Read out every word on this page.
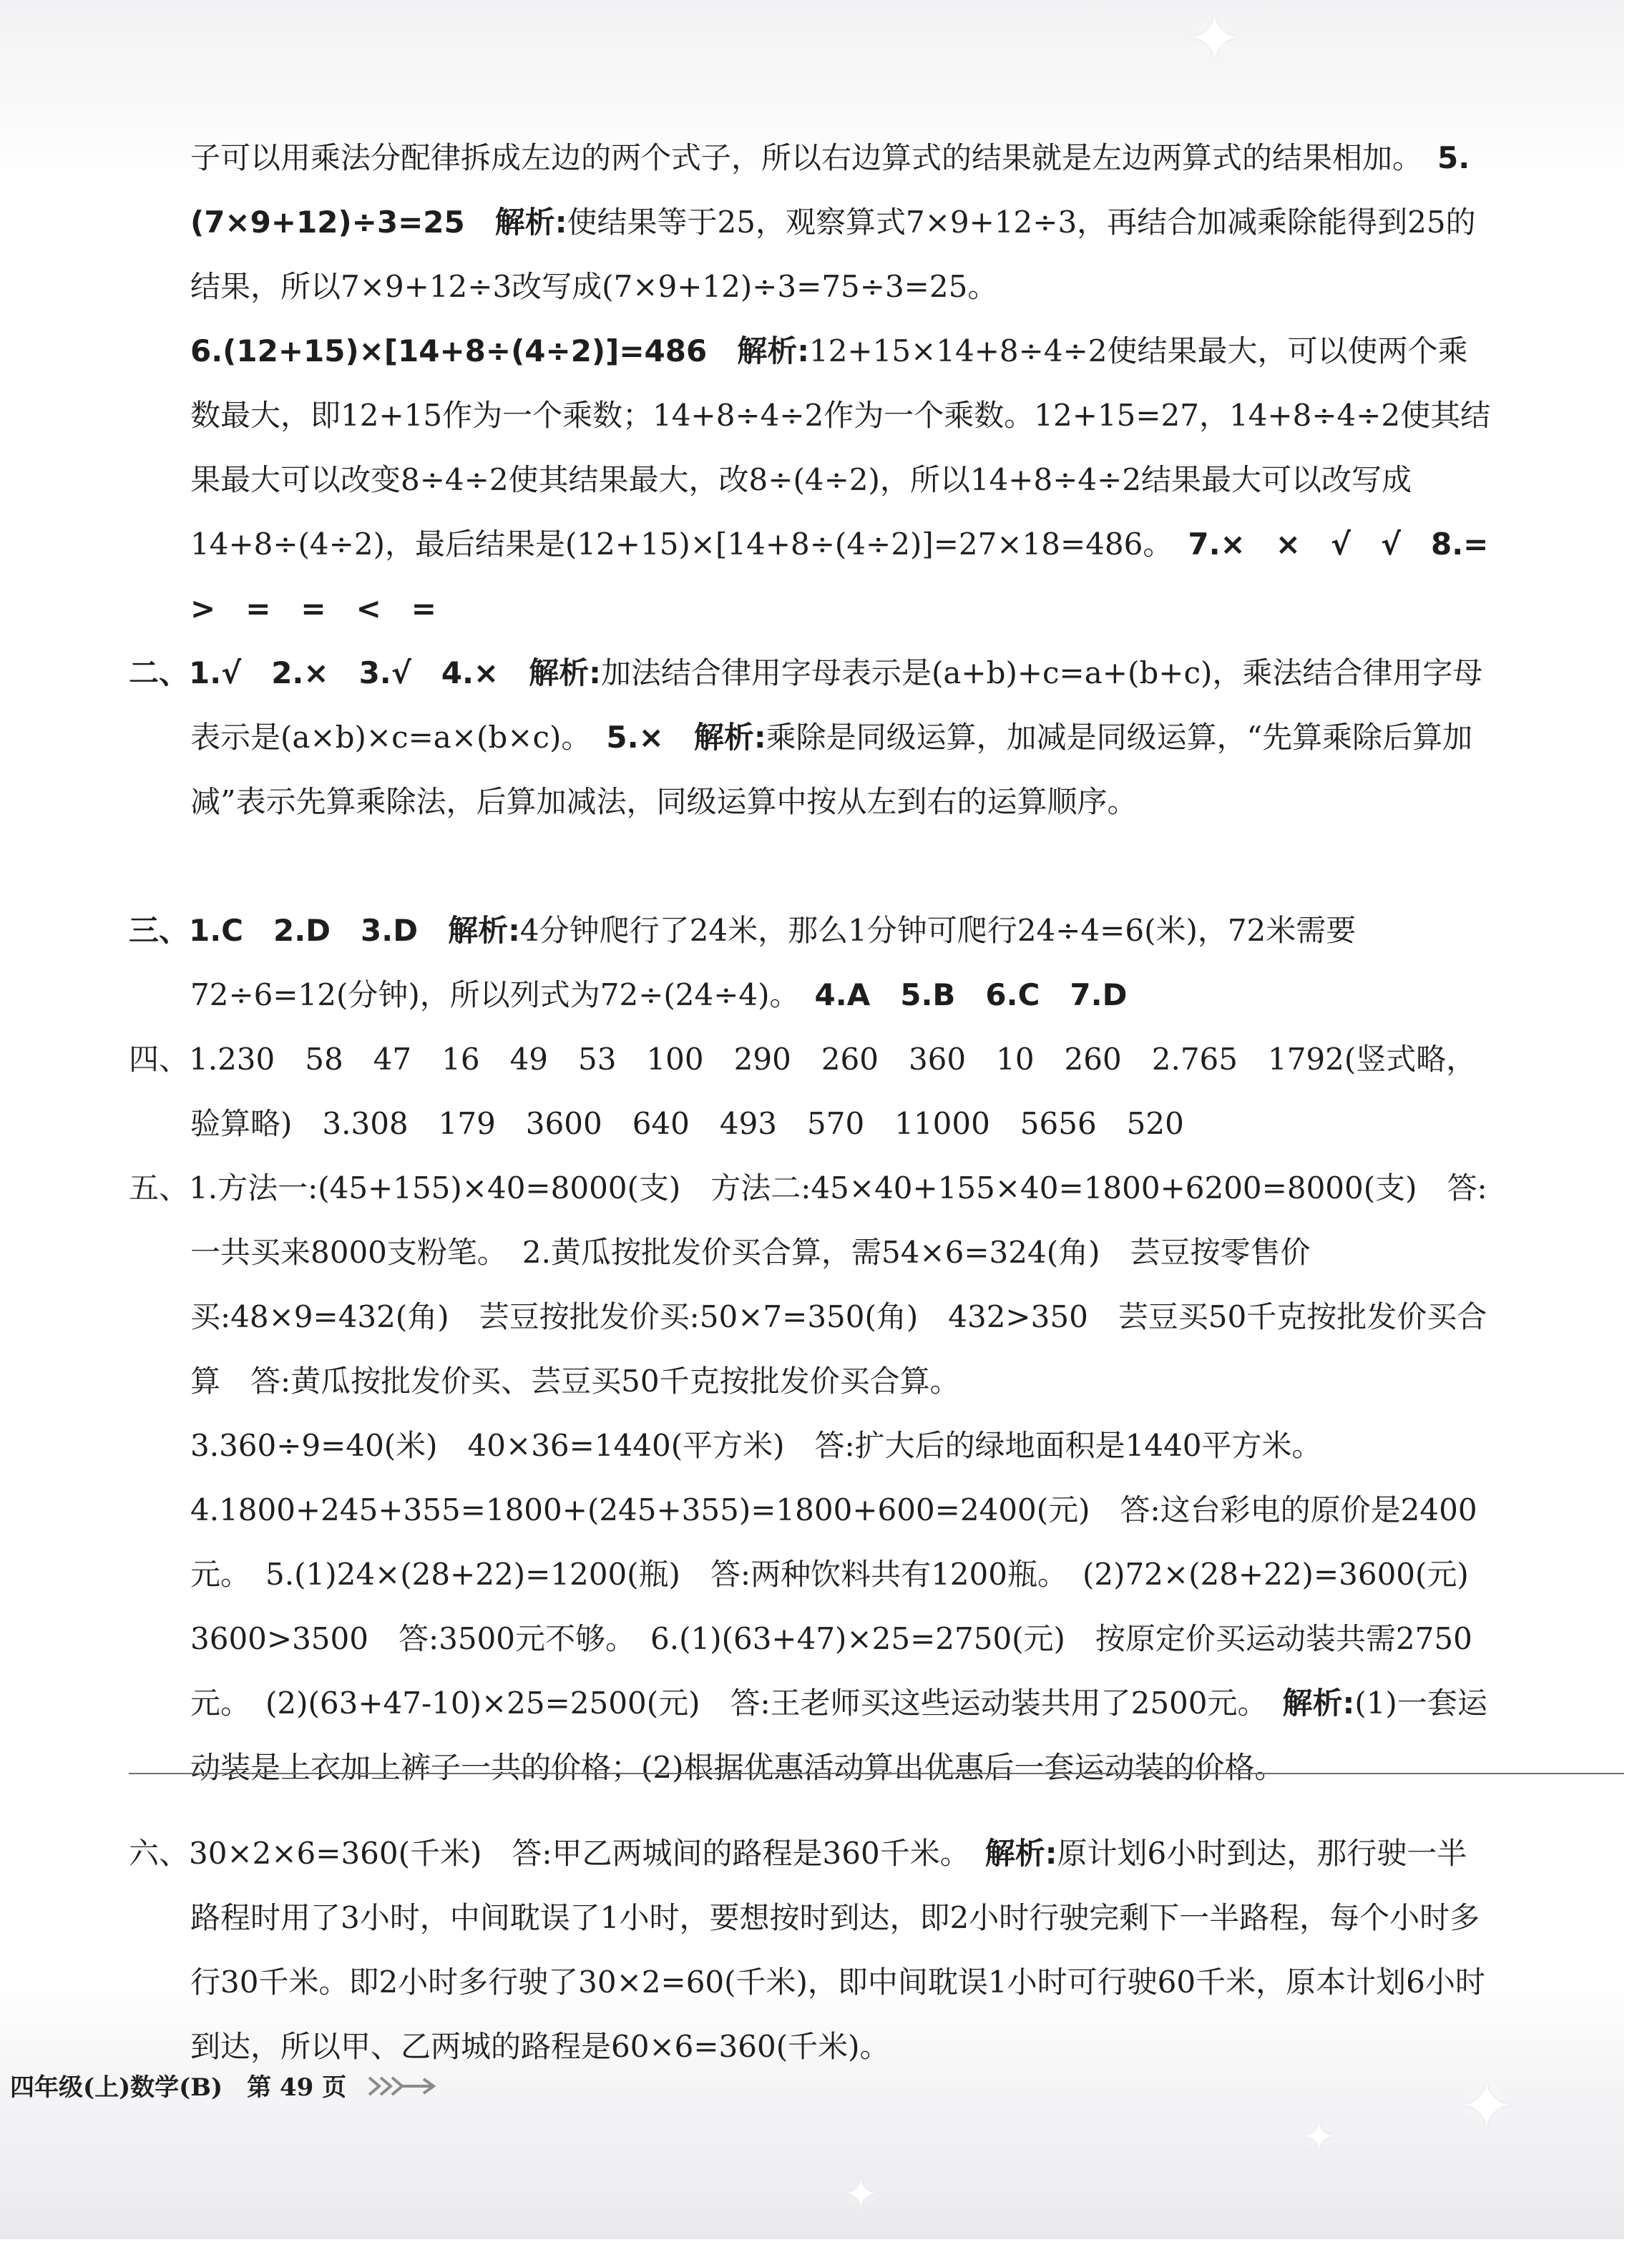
✦
✦ ✦
✦
子可以用乘法分配律拆成左边的两个式子，所以右边算式的结果就是左边两算式的结果相加。　 5.(7×9+12)÷3=25　 解析:使结果等于25，观察算式7×9+12÷3，再结合加减乘除能得到25的结果，所以7×9+12÷3改写成(7×9+12)÷3=75÷3=25。
6.(12+15)×[14+8÷(4÷2)]=486　 解析:12+15×14+8÷4÷2使结果最大，可以使两个乘数最大，即12+15作为一个乘数；14+8÷4÷2作为一个乘数。12+15=27，14+8÷4÷2使其结果最大可以改变8÷4÷2使其结果最大，改8÷(4÷2)，所以14+8÷4÷2结果最大可以改写成14+8÷(4÷2)，最后结果是(12+15)×[14+8÷(4÷2)]=27×18=486。　 7.×　×　√　√　 8.=　>　=　=　<　=
二、1.√　2.×　3.√　4.×　 解析:加法结合律用字母表示是(a+b)+c=a+(b+c)，乘法结合律用字母表示是(a×b)×c=a×(b×c)。　 5.×　 解析:乘除是同级运算，加减是同级运算，“先算乘除后算加减”表示先算乘除法，后算加减法，同级运算中按从左到右的运算顺序。
三、1.C　2.D　3.D　 解析:4分钟爬行了24米，那么1分钟可爬行24÷4=6(米)，72米需要72÷6=12(分钟)，所以列式为72÷(24÷4)。　 4.A　5.B　6.C　7.D
四、1.230　58　47　16　49　53　100　290　260　360　10　260　 2.765　1792(竖式略，验算略)　 3.308　179　3600　640　493　570　11000　5656　520
五、1.方法一:(45+155)×40=8000(支)　方法二:45×40+155×40=1800+6200=8000(支)　答:一共买来8000支粉笔。　 2.黄瓜按批发价买合算，需54×6=324(角)　芸豆按零售价买:48×9=432(角)　芸豆按批发价买:50×7=350(角)　432>350　芸豆买50千克按批发价买合算　答:黄瓜按批发价买、芸豆买50千克按批发价买合算。
3.360÷9=40(米)　40×36=1440(平方米)　答:扩大后的绿地面积是1440平方米。
4.1800+245+355=1800+(245+355)=1800+600=2400(元)　答:这台彩电的原价是2400元。　 5.(1)24×(28+22)=1200(瓶)　答:两种饮料共有1200瓶。　(2)72×(28+22)=3600(元)　3600>3500　答:3500元不够。　 6.(1)(63+47)×25=2750(元)　按原定价买运动装共需2750元。　(2)(63+47-10)×25=2500(元)　答:王老师买这些运动装共用了2500元。　 解析:(1)一套运动装是上衣加上裤子一共的价格；(2)根据优惠活动算出优惠后一套运动装的价格。
六、30×2×6=360(千米)　答:甲乙两城间的路程是360千米。　 解析:原计划6小时到达，那行驶一半路程时用了3小时，中间耽误了1小时，要想按时到达，即2小时行驶完剩下一半路程，每个小时多行30千米。即2小时多行驶了30×2=60(千米)，即中间耽误1小时可行驶60千米，原本计划6小时到达，所以甲、乙两城的路程是60×6=360(千米)。
四年级(上)数学(B)　第 49 页
